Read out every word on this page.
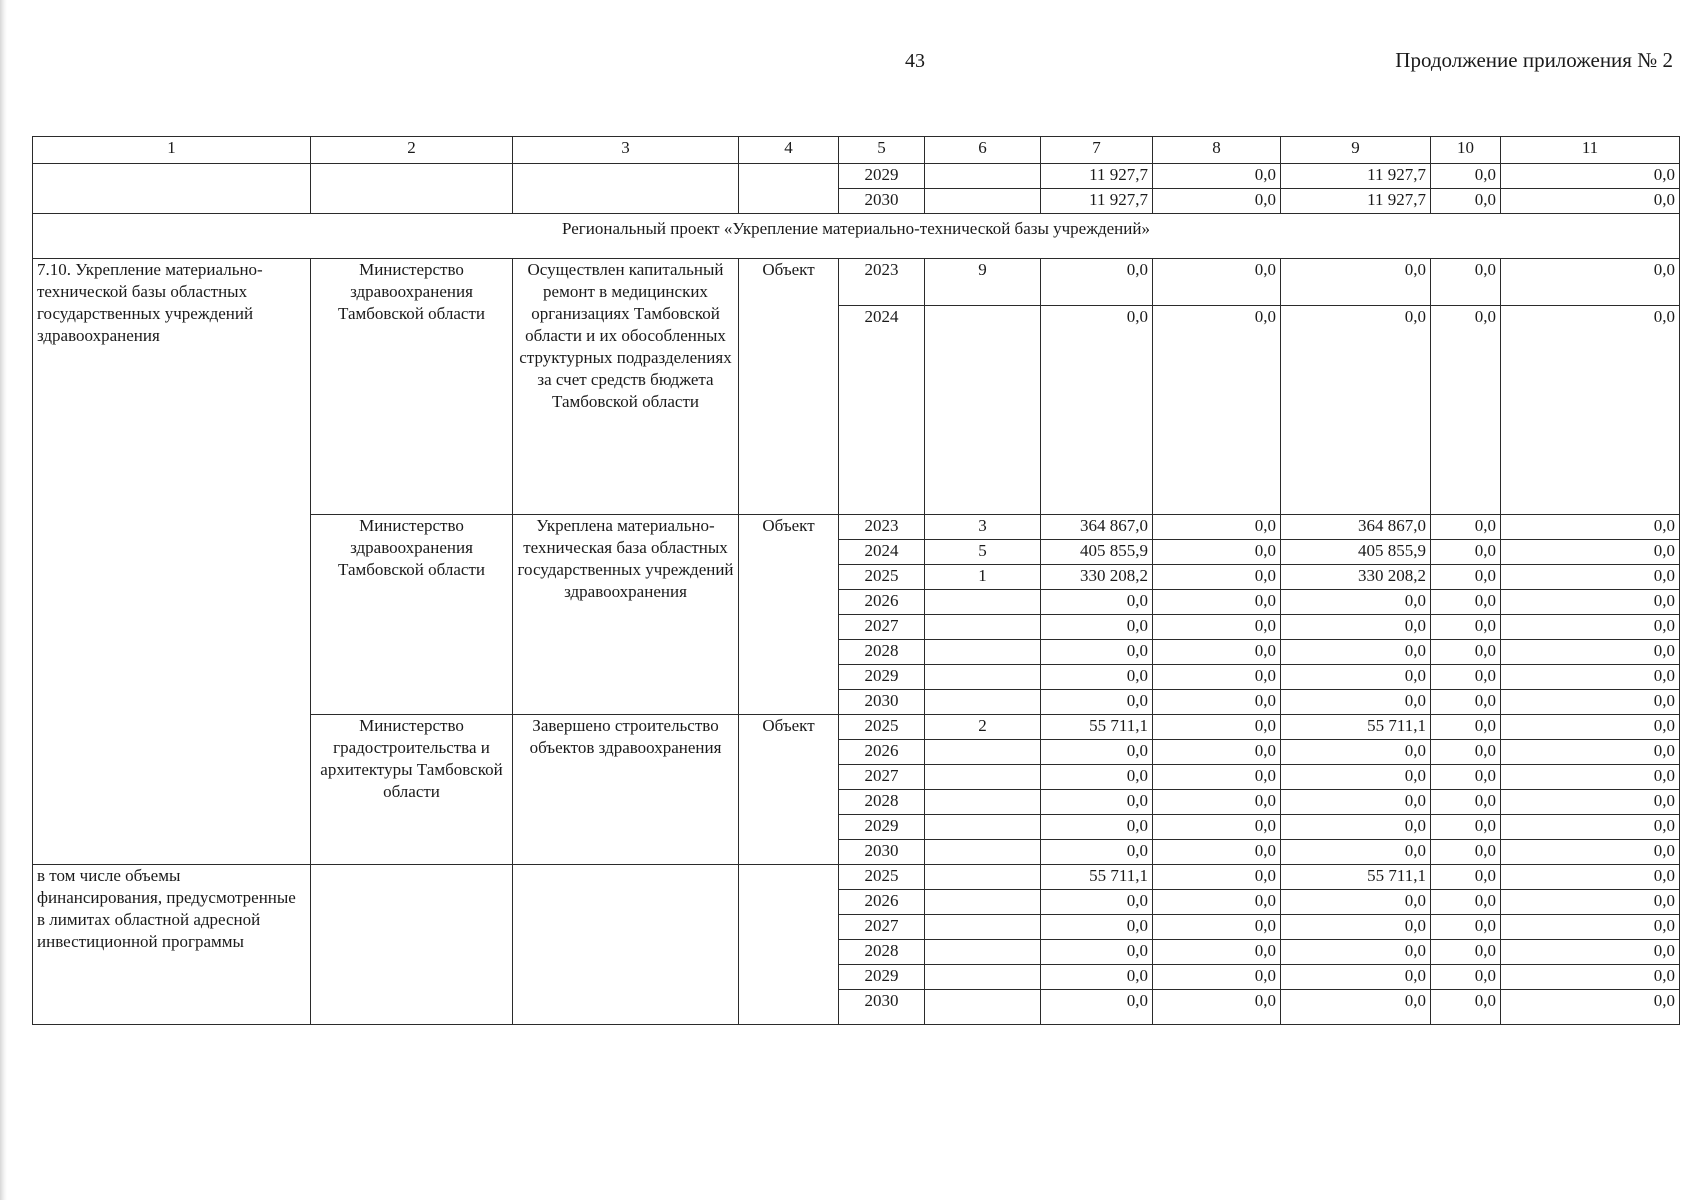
43	Продолжение приложения № 2
1	2	3	4	5	6	7	8	9	10	11
				2029		11 927,7	0,0	11 927,7	0,0	0,0
				2030		11 927,7	0,0	11 927,7	0,0	0,0
Региональный проект «Укрепление материально-технической базы учреждений»										
7.10. Укрепление материально-технической базы областных государственных учреждений здравоохранения	Министерство здравоохранения Тамбовской области	Осуществлен капитальный ремонт в медицинских организациях Тамбовской области и их обособленных структурных подразделениях за счет средств бюджета Тамбовской области	Объект	2023	9	0,0	0,0	0,0	0,0	0,0
				2024		0,0	0,0	0,0	0,0	0,0
	Министерство здравоохранения Тамбовской области	Укреплена материально-техническая база областных государственных учреждений здравоохранения	Объект	2023	3	364 867,0	0,0	364 867,0	0,0	0,0
				2024	5	405 855,9	0,0	405 855,9	0,0	0,0
				2025	1	330 208,2	0,0	330 208,2	0,0	0,0
				2026		0,0	0,0	0,0	0,0	0,0
				2027		0,0	0,0	0,0	0,0	0,0
				2028		0,0	0,0	0,0	0,0	0,0
				2029		0,0	0,0	0,0	0,0	0,0
				2030		0,0	0,0	0,0	0,0	0,0
	Министерство градостроительства и архитектуры Тамбовской области	Завершено строительство объектов здравоохранения	Объект	2025	2	55 711,1	0,0	55 711,1	0,0	0,0
				2026		0,0	0,0	0,0	0,0	0,0
				2027		0,0	0,0	0,0	0,0	0,0
				2028		0,0	0,0	0,0	0,0	0,0
				2029		0,0	0,0	0,0	0,0	0,0
				2030		0,0	0,0	0,0	0,0	0,0
в том числе объемы финансирования, предусмотренные в лимитах областной адресной инвестиционной программы				2025		55 711,1	0,0	55 711,1	0,0	0,0
				2026		0,0	0,0	0,0	0,0	0,0
				2027		0,0	0,0	0,0	0,0	0,0
				2028		0,0	0,0	0,0	0,0	0,0
				2029		0,0	0,0	0,0	0,0	0,0
				2030		0,0	0,0	0,0	0,0	0,0
